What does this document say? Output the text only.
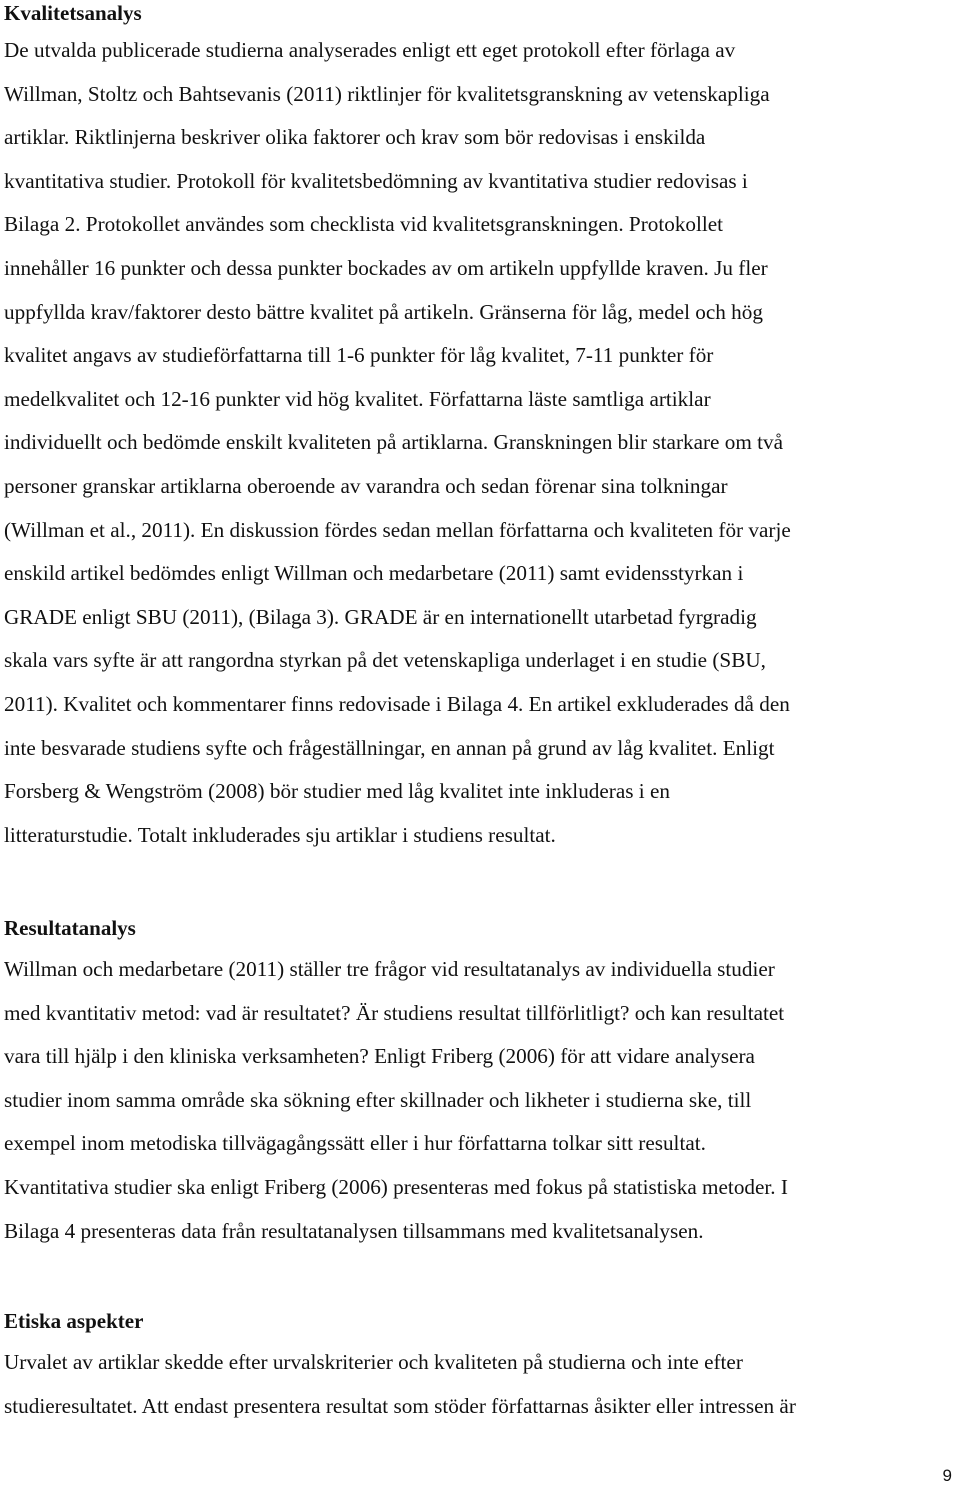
Kvalitetsanalys
De utvalda publicerade studierna analyserades enligt ett eget protokoll efter förlaga av
Willman, Stoltz och Bahtsevanis (2011) riktlinjer för kvalitetsgranskning av vetenskapliga
artiklar. Riktlinjerna beskriver olika faktorer och krav som bör redovisas i enskilda
kvantitativa studier. Protokoll för kvalitetsbedömning av kvantitativa studier redovisas i
Bilaga 2. Protokollet användes som checklista vid kvalitetsgranskningen. Protokollet
innehåller 16 punkter och dessa punkter bockades av om artikeln uppfyllde kraven. Ju fler
uppfyllda krav/faktorer desto bättre kvalitet på artikeln. Gränserna för låg, medel och hög
kvalitet angavs av studieförfattarna till 1-6 punkter för låg kvalitet, 7-11 punkter för
medelkvalitet och 12-16 punkter vid hög kvalitet. Författarna läste samtliga artiklar
individuellt och bedömde enskilt kvaliteten på artiklarna. Granskningen blir starkare om två
personer granskar artiklarna oberoende av varandra och sedan förenar sina tolkningar
(Willman et al., 2011). En diskussion fördes sedan mellan författarna och kvaliteten för varje
enskild artikel bedömdes enligt Willman och medarbetare (2011) samt evidensstyrkan i
GRADE enligt SBU (2011), (Bilaga 3). GRADE är en internationellt utarbetad fyrgradig
skala vars syfte är att rangordna styrkan på det vetenskapliga underlaget i en studie (SBU,
2011). Kvalitet och kommentarer finns redovisade i Bilaga 4. En artikel exkluderades då den
inte besvarade studiens syfte och frågeställningar, en annan på grund av låg kvalitet. Enligt
Forsberg & Wengström (2008) bör studier med låg kvalitet inte inkluderas i en
litteraturstudie. Totalt inkluderades sju artiklar i studiens resultat.
Resultatanalys
Willman och medarbetare (2011) ställer tre frågor vid resultatanalys av individuella studier
med kvantitativ metod: vad är resultatet? Är studiens resultat tillförlitligt? och kan resultatet
vara till hjälp i den kliniska verksamheten? Enligt Friberg (2006) för att vidare analysera
studier inom samma område ska sökning efter skillnader och likheter i studierna ske, till
exempel inom metodiska tillvägagångssätt eller i hur författarna tolkar sitt resultat.
Kvantitativa studier ska enligt Friberg (2006) presenteras med fokus på statistiska metoder. I
Bilaga 4 presenteras data från resultatanalysen tillsammans med kvalitetsanalysen.
Etiska aspekter
Urvalet av artiklar skedde efter urvalskriterier och kvaliteten på studierna och inte efter
studieresultatet. Att endast presentera resultat som stöder författarnas åsikter eller intressen är
9
